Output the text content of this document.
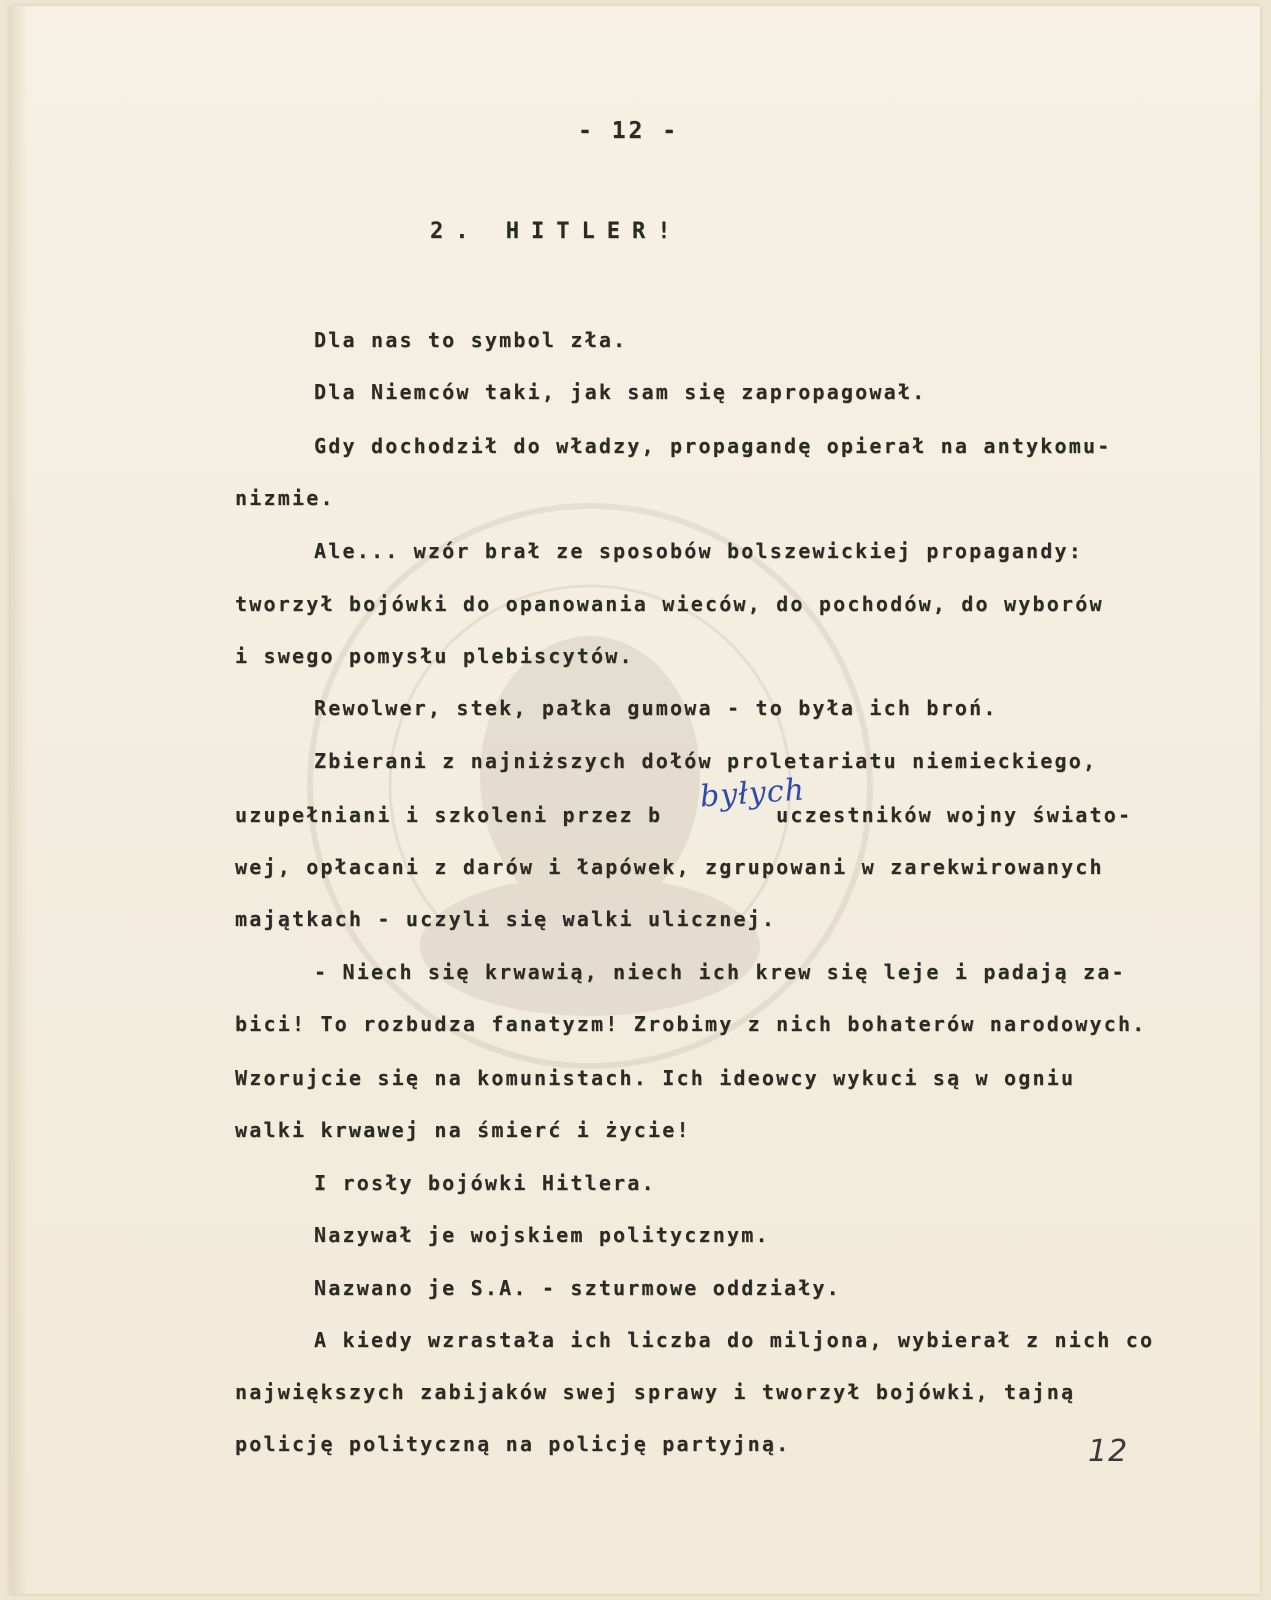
- 12 -
2. HITLER!
Dla nas to symbol zła.
Dla Niemców taki, jak sam się zapropagował.
Gdy dochodził do władzy, propagandę opierał na antykomu-
nizmie.
Ale... wzór brał ze sposobów bolszewickiej propagandy:
tworzył bojówki do opanowania wieców, do pochodów, do wyborów
i swego pomysłu plebiscytów.
Rewolwer, stek, pałka gumowa - to była ich broń.
Zbierani z najniższych dołów proletariatu niemieckiego,
uzupełniani i szkoleni przez b        uczestników wojny świato-
wej, opłacani z darów i łapówek, zgrupowani w zarekwirowanych
majątkach - uczyli się walki ulicznej.
- Niech się krwawią, niech ich krew się leje i padają za-
bici! To rozbudza fanatyzm! Zrobimy z nich bohaterów narodowych.
Wzorujcie się na komunistach. Ich ideowcy wykuci są w ogniu
walki krwawej na śmierć i życie!
I rosły bojówki Hitlera.
Nazywał je wojskiem politycznym.
Nazwano je S.A. - szturmowe oddziały.
A kiedy wzrastała ich liczba do miljona, wybierał z nich co
największych zabijaków swej sprawy i tworzył bojówki, tajną
policję polityczną na policję partyjną.
byłych
12
